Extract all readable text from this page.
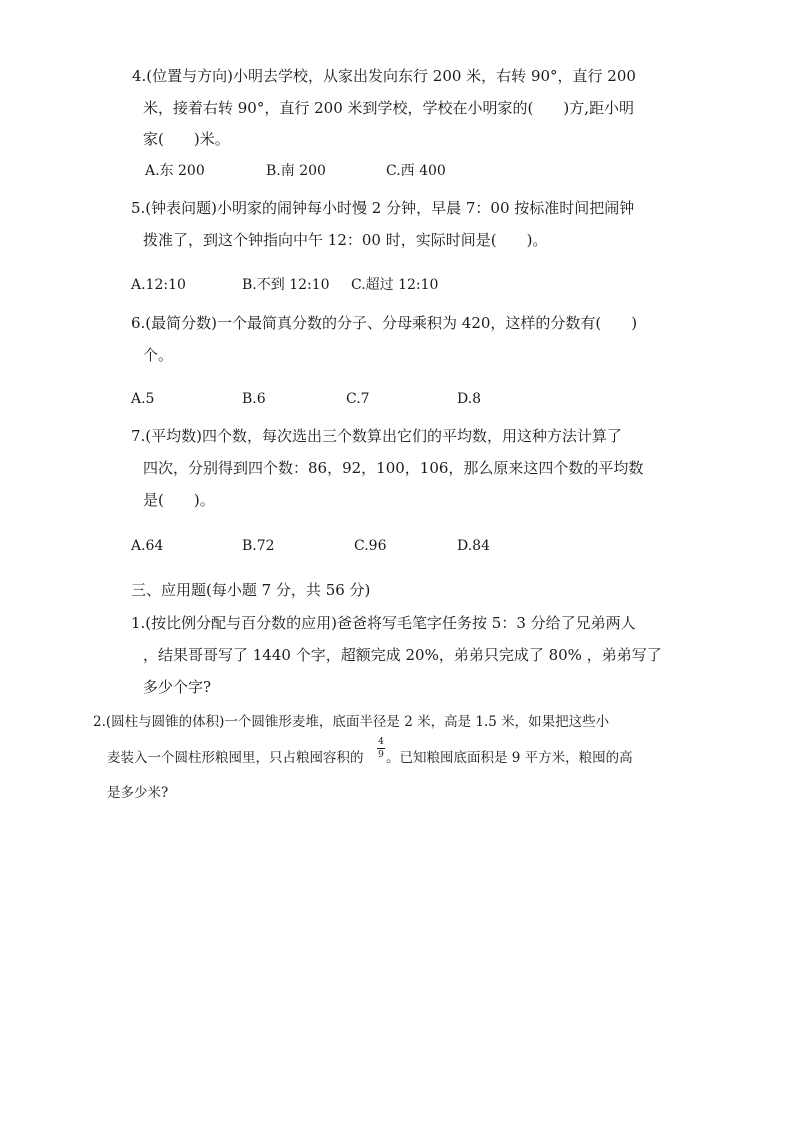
4.(位置与方向)小明去学校，从家出发向东行 200 米，右转 90°，直行 200
米，接着右转 90°，直行 200 米到学校，学校在小明家的(　　)方,距小明
家(　　)米。
A.东 200	B.南 200	C.西 400
5.(钟表问题)小明家的闹钟每小时慢 2 分钟，早晨 7：00 按标准时间把闹钟
拨准了，到这个钟指向中午 12：00 时，实际时间是(　　)。
A.12:10	B.不到 12:10 C.超过 12:10
6.(最简分数)一个最简真分数的分子、分母乘积为 420，这样的分数有(　　)
个。
A.5	B.6	C.7	D.8
7.(平均数)四个数，每次选出三个数算出它们的平均数，用这种方法计算了
四次，分别得到四个数：86，92，100，106，那么原来这四个数的平均数
是(　　)。
A.64	B.72	C.96	D.84
三、应用题(每小题 7 分，共 56 分)
1.(按比例分配与百分数的应用)爸爸将写毛笔字任务按 5：3 分给了兄弟两人
，结果哥哥写了 1440 个字，超额完成 20%，弟弟只完成了 80% ，弟弟写了
多少个字?
2.(圆柱与圆锥的体积)一个圆锥形麦堆，底面半径是 2 米，高是 1.5 米，如果把这些小
麦装入一个圆柱形粮囤里，只占粮囤容积的
4
9 。已知粮囤底面积是 9 平方米，粮囤的高
是多少米?
